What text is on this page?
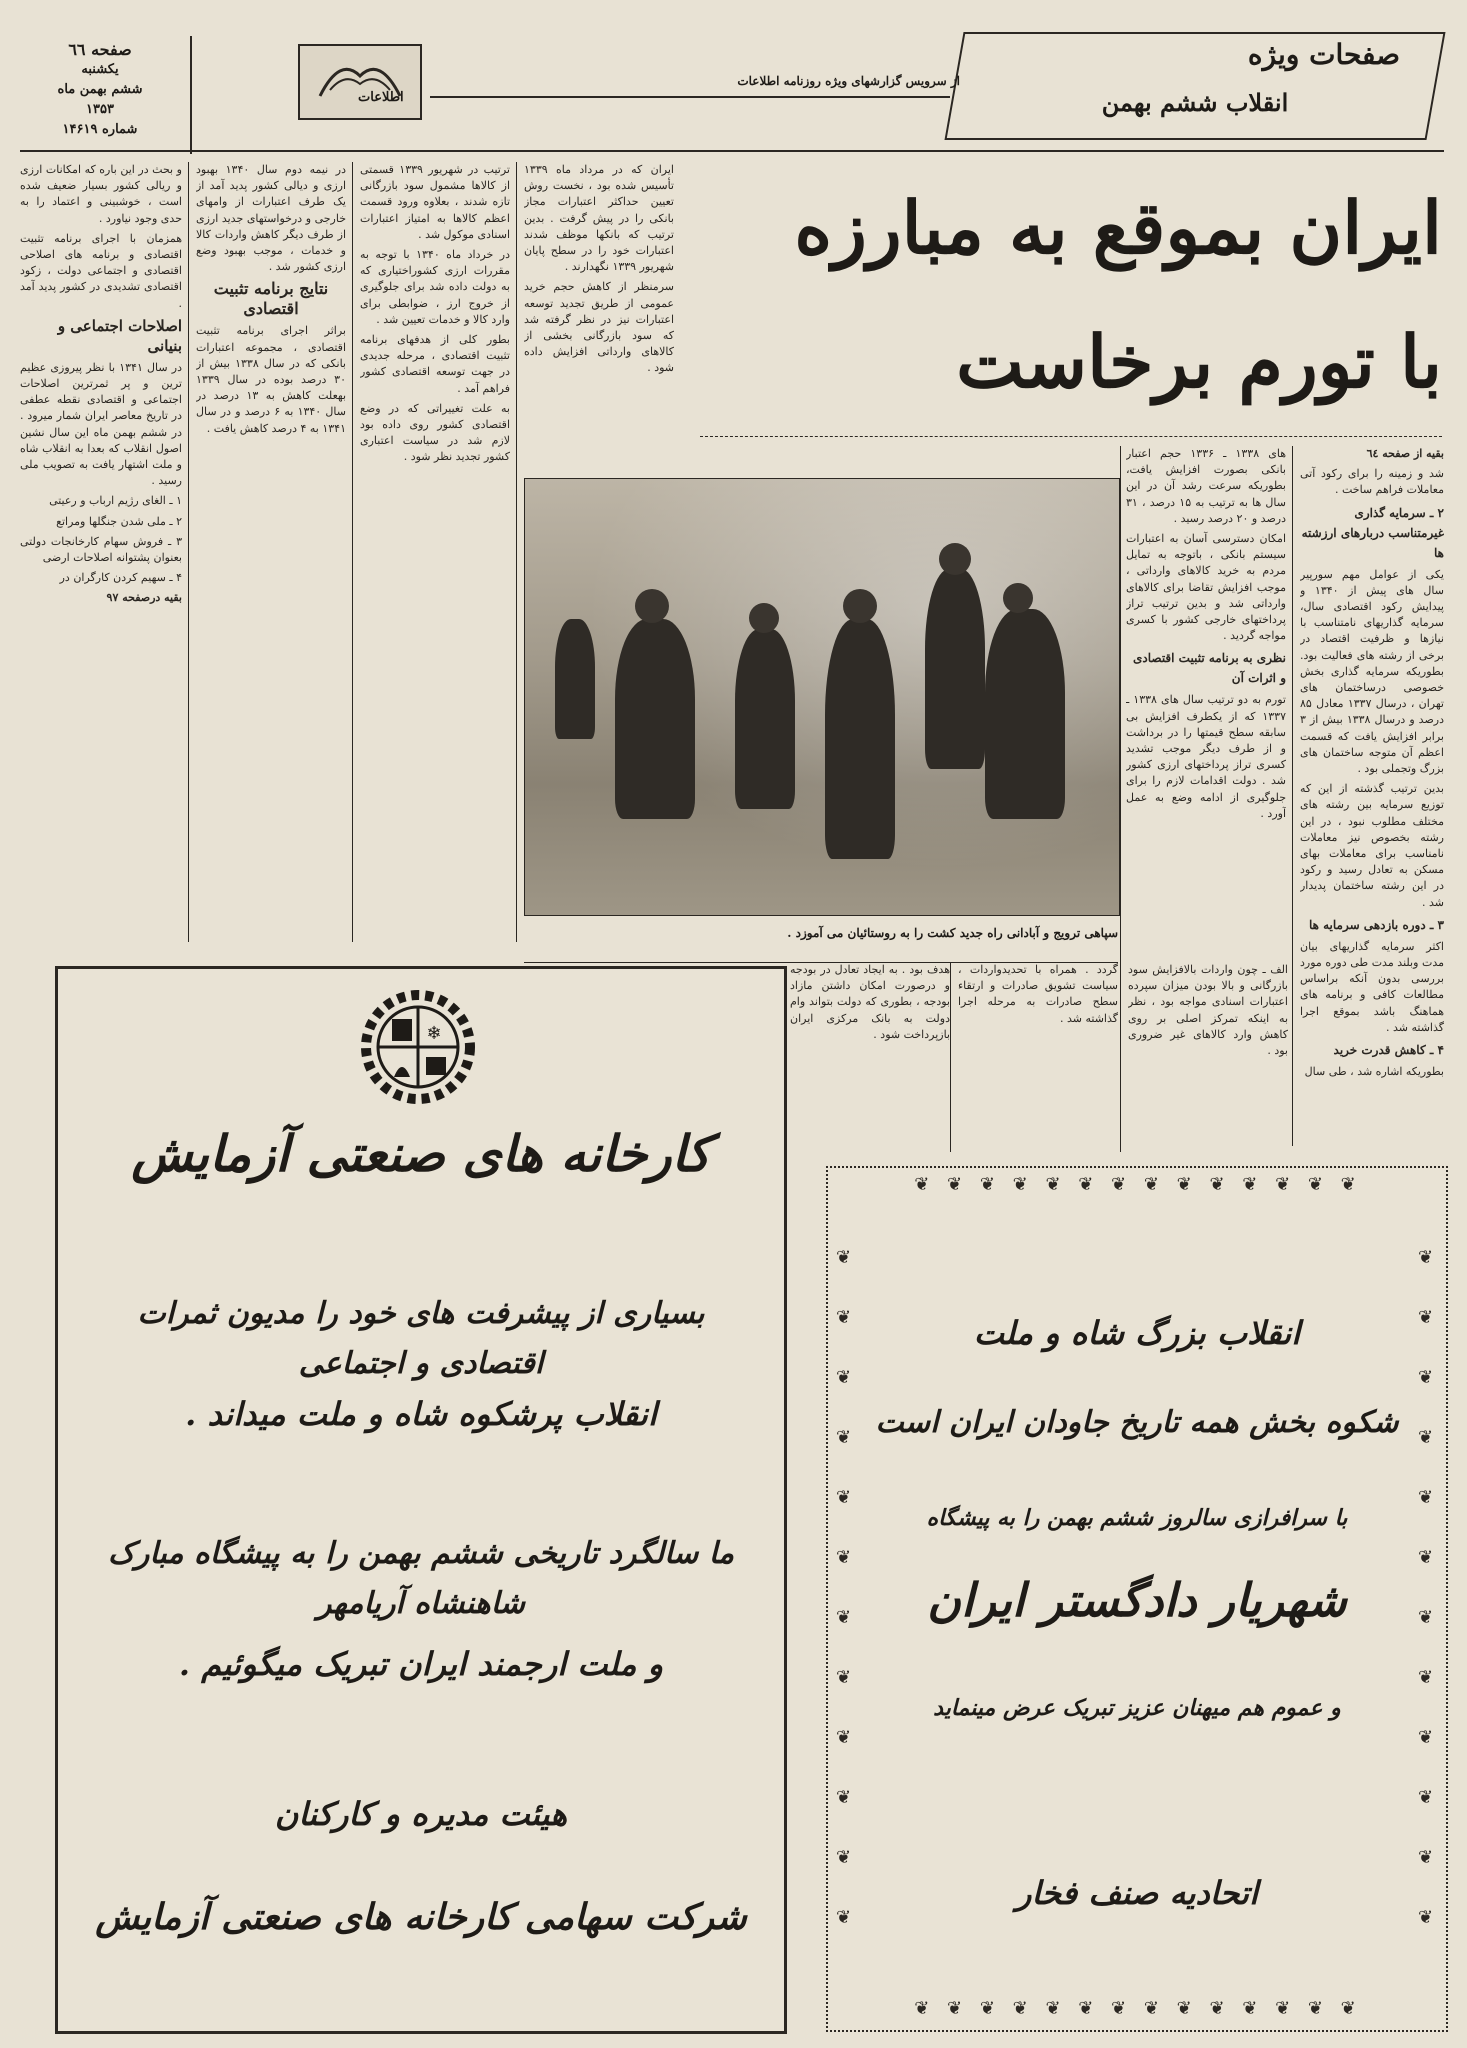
صفحات ویژه
انقلاب ششم بهمن
از سرویس گزارشهای ویژه روزنامه اطلاعات
اطلاعات
صفحه ٦٦
یکشنبه
ششم بهمن ماه
۱۳۵۳
شماره ۱۴۶۱۹
ایران بموقع به مبارزه
با تورم برخاست

بقیه از صفحه ٦٤

شد و زمینه را برای رکود آتی معاملات فراهم ساخت .

۲ ـ سرمایه گذاری غیرمتناسب دربارهای ارزشته ها

یکی از عوامل مهم سورپیر سال های پیش از ۱۳۴۰ و پیدایش رکود اقتصادی سال، سرمایه گذاریهای نامتناسب با نیازها و ظرفیت اقتصاد در برخی از رشته های فعالیت بود. بطوریکه سرمایه گذاری بخش خصوصی درساختمان های تهران ، درسال ۱۳۳۷ معادل ۸۵ درصد و درسال ۱۳۳۸ بیش از ۳ برابر افزایش یافت که قسمت اعظم آن متوجه ساختمان های بزرگ وتجملی بود .

بدین ترتیب گذشته از این که توزیع سرمایه بین رشته های مختلف مطلوب نبود ، در این رشته بخصوص نیز معاملات نامناسب برای معاملات بهای مسکن به تعادل رسید و رکود در این رشته ساختمان پدیدار شد .

۳ ـ دوره بازدهی سرمایه ها

اکثر سرمایه گذاریهای بیان مدت وبلند مدت طی دوره مورد بررسی بدون آنکه براساس مطالعات کافی و برنامه های هماهنگ باشد بموقع اجرا گذاشته شد .

۴ ـ کاهش قدرت خرید

بطوریکه اشاره شد ، طی سال

های ۱۳۳۸ ـ ۱۳۳۶ حجم اعتبار بانکی بصورت افزایش یافت، بطوریکه سرعت رشد آن در این سال ها به ترتیب به ۱۵ درصد ، ۳۱ درصد و ۲۰ درصد رسید .

امکان دسترسی آسان به اعتبارات سیستم بانکی ، باتوجه به تمایل مردم به خرید کالاهای وارداتی ، موجب افزایش تقاضا برای کالاهای وارداتی شد و بدین ترتیب تراز پرداختهای خارجی کشور با کسری مواجه گردید .

نظری به برنامه تثبیت اقتصادی و اثرات آن

تورم به دو ترتیب سال های ۱۳۳۸ ـ ۱۳۳۷ که از یکطرف افزایش بی سابقه سطح قیمتها را در برداشت و از طرف دیگر موجب تشدید کسری تراز پرداختهای ارزی کشور شد . دولت اقدامات لازم را برای جلوگیری از ادامه وضع به عمل آورد .

ایران که در مرداد ماه ۱۳۳۹ تأسیس شده بود ، نخست روش تعیین حداکثر اعتبارات مجاز بانکی را در پیش گرفت . بدین ترتیب که بانکها موظف شدند اعتبارات خود را در سطح پایان شهریور ۱۳۳۹ نگهدارند .

سرمنظر از کاهش حجم خرید عمومی از طریق تجدید توسعه اعتبارات نیز در نظر گرفته شد که سود بازرگانی بخشی از کالاهای وارداتی افزایش داده شود .

ترتیب در شهریور ۱۳۳۹ قسمتی از کالاها مشمول سود بازرگانی تازه شدند ، بعلاوه ورود قسمت اعظم کالاها به امتیاز اعتبارات اسنادی موکول شد .

در خرداد ماه ۱۳۴۰ با توجه به مقررات ارزی کشوراختیاری که به دولت داده شد برای جلوگیری از خروج ارز ، ضوابطی برای وارد کالا و خدمات تعیین شد .

بطور کلی از هدفهای برنامه تثبیت اقتصادی ، مرحله جدیدی در جهت توسعه اقتصادی کشور فراهم آمد .

به علت تغییراتی که در وضع اقتصادی کشور روی داده بود لازم شد در سیاست اعتباری کشور تجدید نظر شود .

در نیمه دوم سال ۱۳۴۰ بهبود ارزی و دیالی کشور پدید آمد از یک طرف اعتبارات از وامهای خارجی و درخواستهای جدید ارزی از طرف دیگر کاهش واردات کالا و خدمات ، موجب بهبود وضع ارزی کشور شد .

نتایج برنامه تثبیت اقتصادی

براثر اجرای برنامه تثبیت اقتصادی ، مجموعه اعتبارات بانکی که در سال ۱۳۳۸ بیش از ۳۰ درصد بوده در سال ۱۳۳۹ بهعلت کاهش به ۱۳ درصد در سال ۱۳۴۰ به ۶ درصد و در سال ۱۳۴۱ به ۴ درصد کاهش یافت .

و بحث در این باره که امکانات ارزی و ریالی کشور بسیار ضعیف شده است ، خوشبینی و اعتماد را به حدی وجود نیاورد .

همزمان با اجرای برنامه تثبیت اقتصادی و برنامه های اصلاحی اقتصادی و اجتماعی دولت ، زکود اقتصادی تشدیدی در کشور پدید آمد .

اصلاحات اجتماعی و بنیانی

در سال ۱۳۴۱ با نظر پیروزی عظیم ترین و پر ثمرترین اصلاحات اجتماعی و اقتصادی نقطه عطفی در تاریخ معاصر ایران شمار میرود . در ششم بهمن ماه این سال نشین اصول انقلاب که بعدا به انقلاب شاه و ملت اشتهار یافت به تصویب ملی رسید .

۱ ـ الغای رژیم ارباب و رعیتی

۲ ـ ملی شدن جنگلها ومراتع

۳ ـ فروش سهام کارخانجات دولتی بعنوان پشتوانه اصلاحات ارضی

۴ ـ سهیم کردن کارگران در

بقیه درصفحه ۹۷

سپاهی ترویج و آبادانی راه جدید کشت را به روستائیان می آموزد .
الف ـ چون واردات بالافزایش سود بازرگانی و بالا بودن میزان سپرده اعتبارات اسنادی مواجه بود ، نظر به اینکه تمرکز اصلی بر روی کاهش وارد کالاهای غیر ضروری بود .
گردد . همراه با تحدیدواردات ، سیاست تشویق صادرات و ارتقاء سطح صادرات به مرحله اجرا گذاشته شد .
هدف بود . به ایجاد تعادل در بودجه و درصورت امکان داشتن مازاد بودجه ، بطوری که دولت بتواند وام دولت به بانک مرکزی ایران بازپرداخت شود .
❄
کارخانه های صنعتی آزمایش
بسیاری از پیشرفت های خود را مدیون ثمرات اقتصادی و اجتماعی
انقلاب پرشکوه شاه و ملت میداند .
ما سالگرد تاریخی ششم بهمن را به پیشگاه مبارک شاهنشاه آریامهر
و ملت ارجمند ایران تبریک میگوئیم .
هیئت مدیره و کارکنان
شرکت سهامی کارخانه های صنعتی آزمایش
❦ ❦ ❦ ❦ ❦ ❦ ❦ ❦ ❦ ❦ ❦ ❦ ❦ ❦
❦ ❦ ❦ ❦ ❦ ❦ ❦ ❦ ❦ ❦ ❦ ❦ ❦ ❦
❦
❦
❦
❦
❦
❦
❦
❦
❦
❦
❦
❦
❦
❦
❦
❦
❦
❦
❦
❦
❦
❦
❦
❦
انقلاب بزرگ شاه و ملت
شکوه بخش همه تاریخ جاودان ایران است
با سرافرازی سالروز ششم بهمن را به پیشگاه
شهریار دادگستر ایران
و عموم هم میهنان عزیز تبریک عرض مینماید
اتحادیه صنف فخار
